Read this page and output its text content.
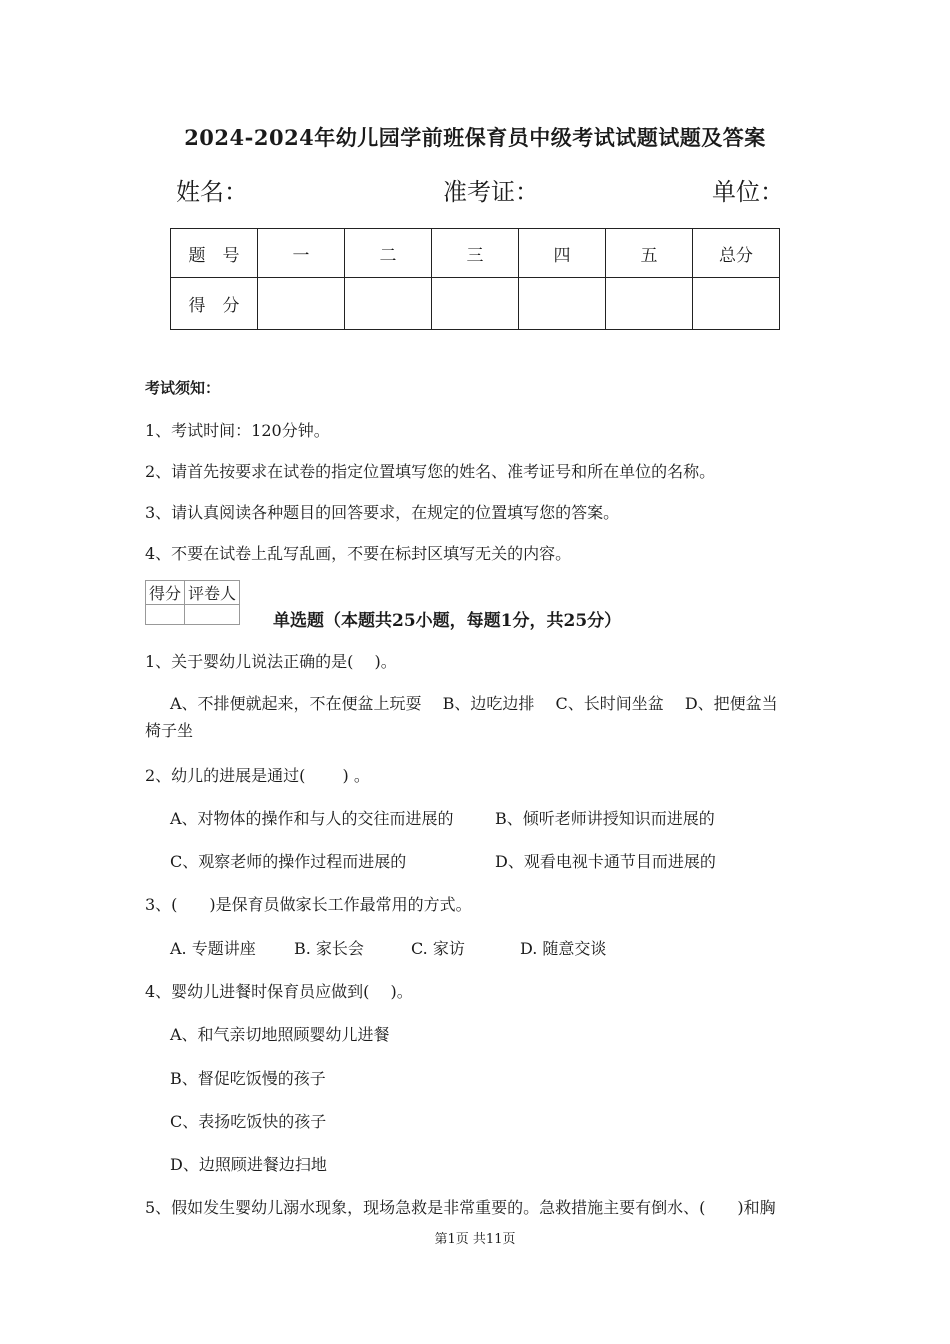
2024-2024年幼儿园学前班保育员中级考试试题试题及答案
姓名：	准考证：	单位：
题　号	一	二	三	四	五	总分
得　分						
考试须知：
1、考试时间：120分钟。
2、请首先按要求在试卷的指定位置填写您的姓名、准考证号和所在单位的名称。
3、请认真阅读各种题目的回答要求，在规定的位置填写您的答案。
4、不要在试卷上乱写乱画，不要在标封区填写无关的内容。
得分	评卷人

单选题（本题共25小题，每题1分，共25分）
1、关于婴幼儿说法正确的是(　 )。
A、不排便就起来，不在便盆上玩耍　 B、边吃边排　 C、长时间坐盆　 D、把便盆当
椅子坐
2、幼儿的进展是通过(　　 ) 。
A、对物体的操作和与人的交往而进展的	B、倾听老师讲授知识而进展的
C、观察老师的操作过程而进展的	D、观看电视卡通节目而进展的
3、(　　)是保育员做家长工作最常用的方式。
A. 专题讲座 B. 家长会	C. 家访	D. 随意交谈
4、婴幼儿进餐时保育员应做到(　 )。
A、和气亲切地照顾婴幼儿进餐
B、督促吃饭慢的孩子
C、表扬吃饭快的孩子
D、边照顾进餐边扫地
5、假如发生婴幼儿溺水现象，现场急救是非常重要的。急救措施主要有倒水、(　　)和胸
第1页 共11页
